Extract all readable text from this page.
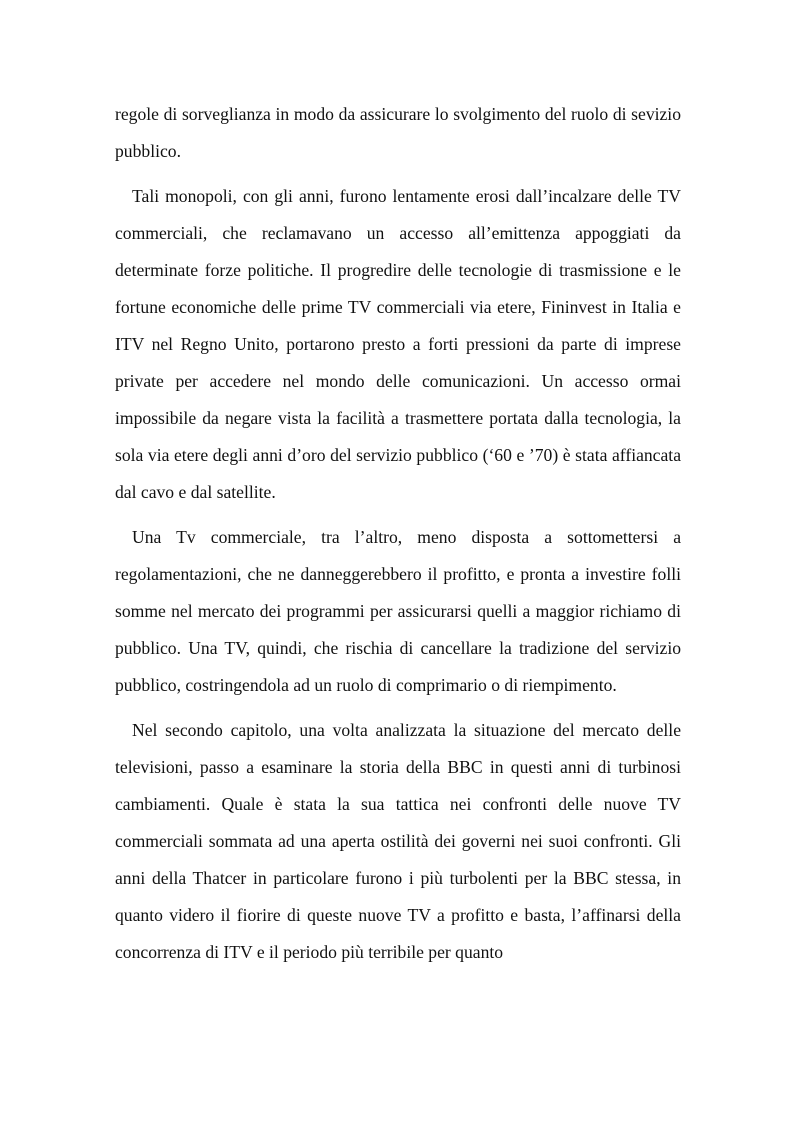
regole di sorveglianza in modo da assicurare lo svolgimento del ruolo di sevizio pubblico.

Tali monopoli, con gli anni, furono lentamente erosi dall’incalzare delle TV commerciali, che reclamavano un accesso all’emittenza appoggiati da determinate forze politiche. Il progredire delle tecnologie di trasmissione e le fortune economiche delle prime TV commerciali via etere, Fininvest in Italia e ITV nel Regno Unito, portarono presto a forti pressioni da parte di imprese private per accedere nel mondo delle comunicazioni. Un accesso ormai impossibile da negare vista la facilità a trasmettere portata dalla tecnologia, la sola via etere degli anni d’oro del servizio pubblico (‘60 e ’70) è stata affiancata dal cavo e dal satellite.

Una Tv commerciale, tra l’altro, meno disposta a sottomettersi a regolamentazioni, che ne danneggerebbero il profitto, e pronta a investire folli somme nel mercato dei programmi per assicurarsi quelli a maggior richiamo di pubblico. Una TV, quindi, che rischia di cancellare la tradizione del servizio pubblico, costringendola ad un ruolo di comprimario o di riempimento.

Nel secondo capitolo, una volta analizzata la situazione del mercato delle televisioni, passo a esaminare la storia della BBC in questi anni di turbinosi cambiamenti. Quale è stata la sua tattica nei confronti delle nuove TV commerciali sommata ad una aperta ostilità dei governi nei suoi confronti. Gli anni della Thatcer in particolare furono i più turbolenti per la BBC stessa, in quanto videro il fiorire di queste nuove TV a profitto e basta, l’affinarsi della concorrenza di ITV e il periodo più terribile per quanto
